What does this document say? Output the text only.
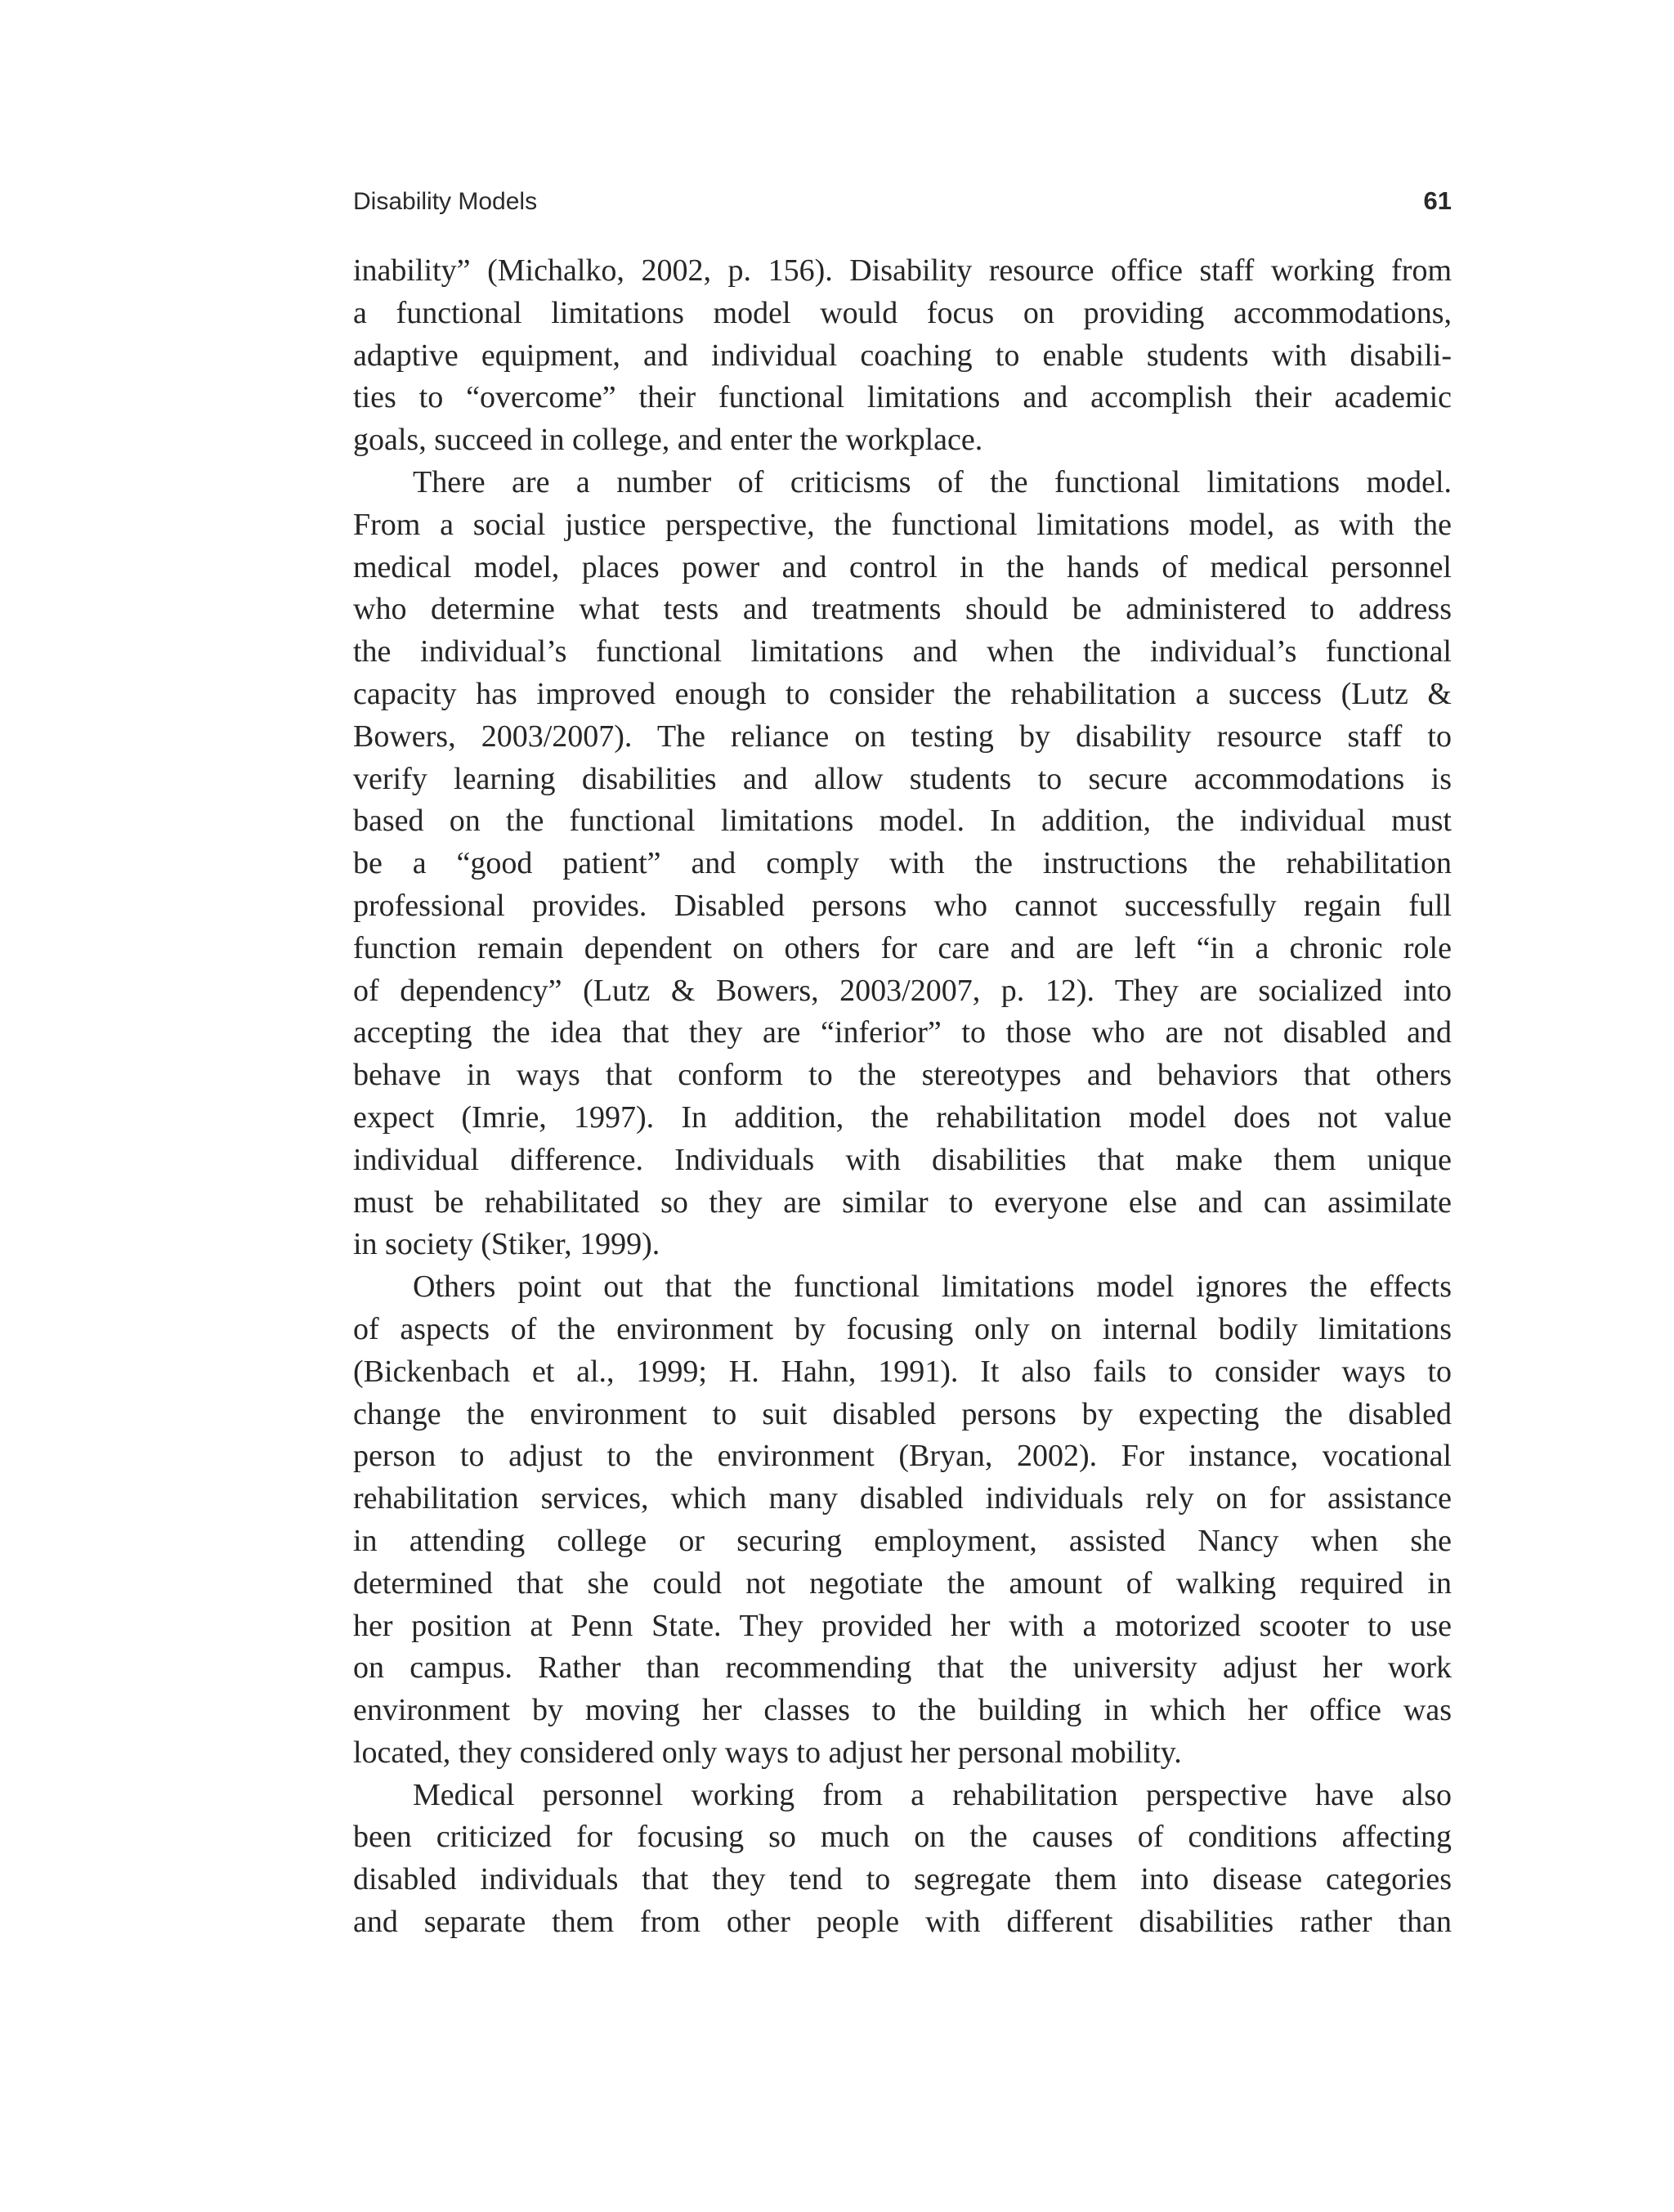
Disability Models	61
inability” (Michalko, 2002, p. 156). Disability resource office staff working from
a functional limitations model would focus on providing accommodations,
adaptive equipment, and individual coaching to enable students with disabili-
ties to “overcome” their functional limitations and accomplish their academic
goals, succeed in college, and enter the workplace.
There are a number of criticisms of the functional limitations model.
From a social justice perspective, the functional limitations model, as with the
medical model, places power and control in the hands of medical personnel
who determine what tests and treatments should be administered to address
the individual’s functional limitations and when the individual’s functional
capacity has improved enough to consider the rehabilitation a success (Lutz &
Bowers, 2003/2007). The reliance on testing by disability resource staff to
verify learning disabilities and allow students to secure accommodations is
based on the functional limitations model. In addition, the individual must
be a “good patient” and comply with the instructions the rehabilitation
professional provides. Disabled persons who cannot successfully regain full
function remain dependent on others for care and are left “in a chronic role
of dependency” (Lutz & Bowers, 2003/2007, p. 12). They are socialized into
accepting the idea that they are “inferior” to those who are not disabled and
behave in ways that conform to the stereotypes and behaviors that others
expect (Imrie, 1997). In addition, the rehabilitation model does not value
individual difference. Individuals with disabilities that make them unique
must be rehabilitated so they are similar to everyone else and can assimilate
in society (Stiker, 1999).
Others point out that the functional limitations model ignores the effects
of aspects of the environment by focusing only on internal bodily limitations
(Bickenbach et al., 1999; H. Hahn, 1991). It also fails to consider ways to
change the environment to suit disabled persons by expecting the disabled
person to adjust to the environment (Bryan, 2002). For instance, vocational
rehabilitation services, which many disabled individuals rely on for assistance
in attending college or securing employment, assisted Nancy when she
determined that she could not negotiate the amount of walking required in
her position at Penn State. They provided her with a motorized scooter to use
on campus. Rather than recommending that the university adjust her work
environment by moving her classes to the building in which her office was
located, they considered only ways to adjust her personal mobility.
Medical personnel working from a rehabilitation perspective have also
been criticized for focusing so much on the causes of conditions affecting
disabled individuals that they tend to segregate them into disease categories
and separate them from other people with different disabilities rather than
